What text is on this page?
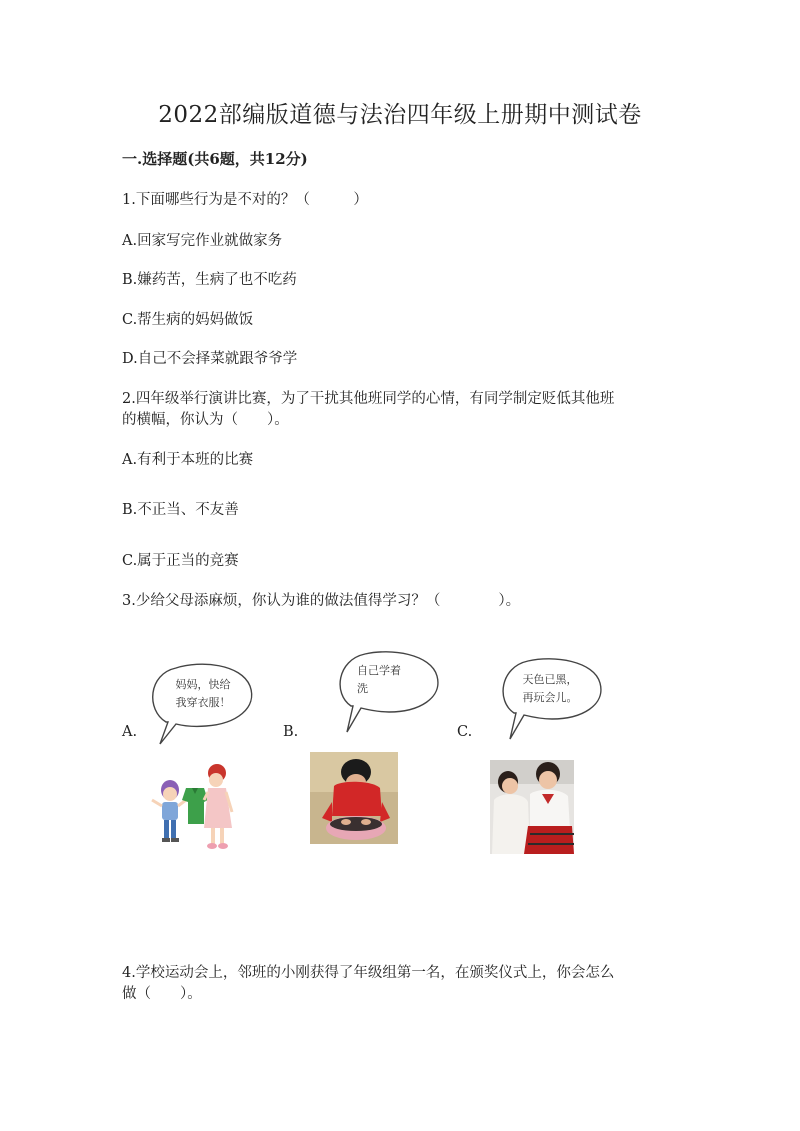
2022部编版道德与法治四年级上册期中测试卷
一.选择题(共6题，共12分)
1.下面哪些行为是不对的？（　　　）
A.回家写完作业就做家务
B.嫌药苦，生病了也不吃药
C.帮生病的妈妈做饭
D.自己不会择菜就跟爷爷学
2.四年级举行演讲比赛，为了干扰其他班同学的心情，有同学制定贬低其他班
的横幅，你认为（　　）。
A.有利于本班的比赛
B.不正当、不友善
C.属于正当的竞赛
3.少给父母添麻烦，你认为谁的做法值得学习？（　　　　）。
妈妈，快给
我穿衣服！
自己学着
洗
天色已黑，
再玩会儿。
A.	B.	C.
4.学校运动会上，邻班的小刚获得了年级组第一名，在颁奖仪式上，你会怎么
做（　　）。
